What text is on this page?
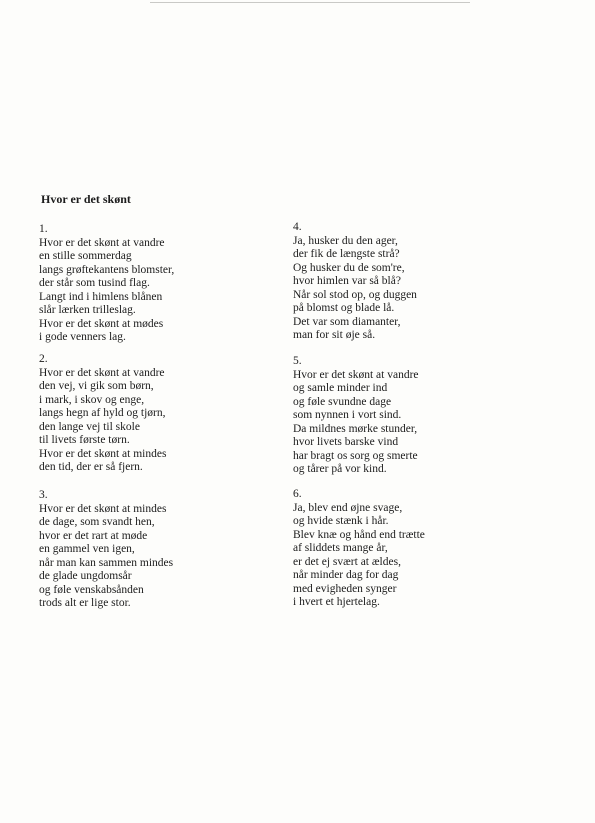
Hvor er det skønt
1.
Hvor er det skønt at vandre
en stille sommerdag
langs grøftekantens blomster,
der står som tusind flag.
Langt ind i himlens blånen
slår lærken trilleslag.
Hvor er det skønt at mødes
i gode venners lag.
2.
Hvor er det skønt at vandre
den vej, vi gik som børn,
i mark, i skov og enge,
langs hegn af hyld og tjørn,
den lange vej til skole
til livets første tørn.
Hvor er det skønt at mindes
den tid, der er så fjern.
3.
Hvor er det skønt at mindes
de dage, som svandt hen,
hvor er det rart at møde
en gammel ven igen,
når man kan sammen mindes
de glade ungdomsår
og føle venskabsånden
trods alt er lige stor.
4.
Ja, husker du den ager,
der fik de længste strå?
Og husker du de som're,
hvor himlen var så blå?
Når sol stod op, og duggen
på blomst og blade lå.
Det var som diamanter,
man for sit øje så.
5.
Hvor er det skønt at vandre
og samle minder ind
og føle svundne dage
som nynnen i vort sind.
Da mildnes mørke stunder,
hvor livets barske vind
har bragt os sorg og smerte
og tårer på vor kind.
6.
Ja, blev end øjne svage,
og hvide stænk i hår.
Blev knæ og hånd end trætte
af sliddets mange år,
er det ej svært at ældes,
når minder dag for dag
med evigheden synger
i hvert et hjertelag.
